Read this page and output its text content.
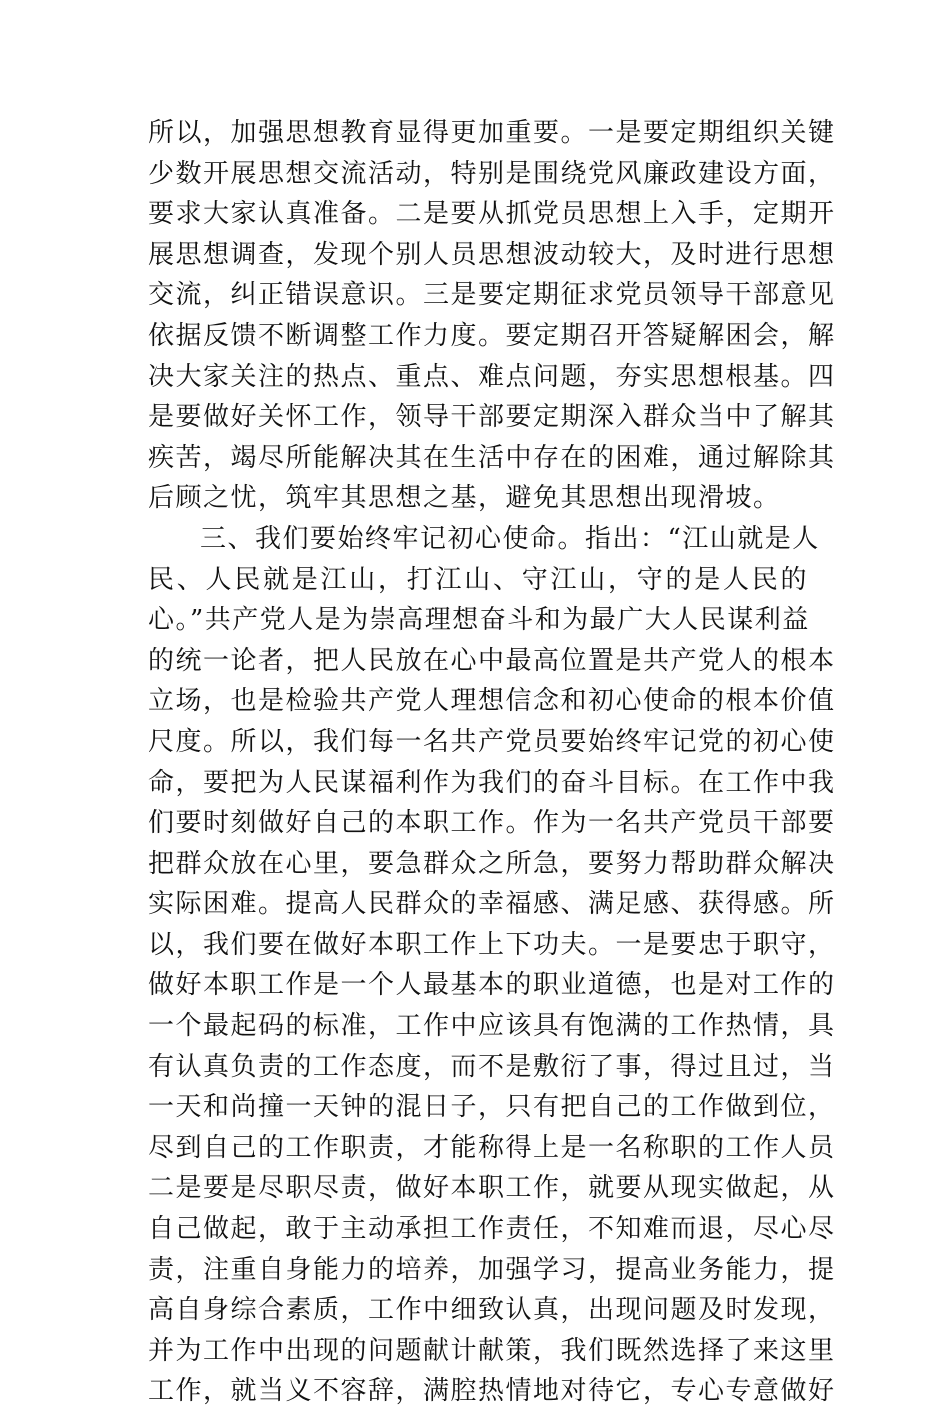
所以，加强思想教育显得更加重要。一是要定期组织关键
少数开展思想交流活动，特别是围绕党风廉政建设方面，
要求大家认真准备。二是要从抓党员思想上入手，定期开
展思想调查，发现个别人员思想波动较大，及时进行思想
交流，纠正错误意识。三是要定期征求党员领导干部意见
依据反馈不断调整工作力度。要定期召开答疑解困会，解
决大家关注的热点、重点、难点问题，夯实思想根基。四
是要做好关怀工作，领导干部要定期深入群众当中了解其
疾苦，竭尽所能解决其在生活中存在的困难，通过解除其
后顾之忧，筑牢其思想之基，避免其思想出现滑坡。
三、我们要始终牢记初心使命。指出：“江山就是人
民、人民就是江山，打江山、守江山，守的是人民的
心。”共产党人是为崇高理想奋斗和为最广大人民谋利益
的统一论者，把人民放在心中最高位置是共产党人的根本
立场，也是检验共产党人理想信念和初心使命的根本价值
尺度。所以，我们每一名共产党员要始终牢记党的初心使
命，要把为人民谋福利作为我们的奋斗目标。在工作中我
们要时刻做好自己的本职工作。作为一名共产党员干部要
把群众放在心里，要急群众之所急，要努力帮助群众解决
实际困难。提高人民群众的幸福感、满足感、获得感。所
以，我们要在做好本职工作上下功夫。一是要忠于职守，
做好本职工作是一个人最基本的职业道德，也是对工作的
一个最起码的标准，工作中应该具有饱满的工作热情，具
有认真负责的工作态度，而不是敷衍了事，得过且过，当
一天和尚撞一天钟的混日子，只有把自己的工作做到位，
尽到自己的工作职责，才能称得上是一名称职的工作人员
二是要是尽职尽责，做好本职工作，就要从现实做起，从
自己做起，敢于主动承担工作责任，不知难而退，尽心尽
责，注重自身能力的培养，加强学习，提高业务能力，提
高自身综合素质，工作中细致认真，出现问题及时发现，
并为工作中出现的问题献计献策，我们既然选择了来这里
工作，就当义不容辞，满腔热情地对待它，专心专意做好
